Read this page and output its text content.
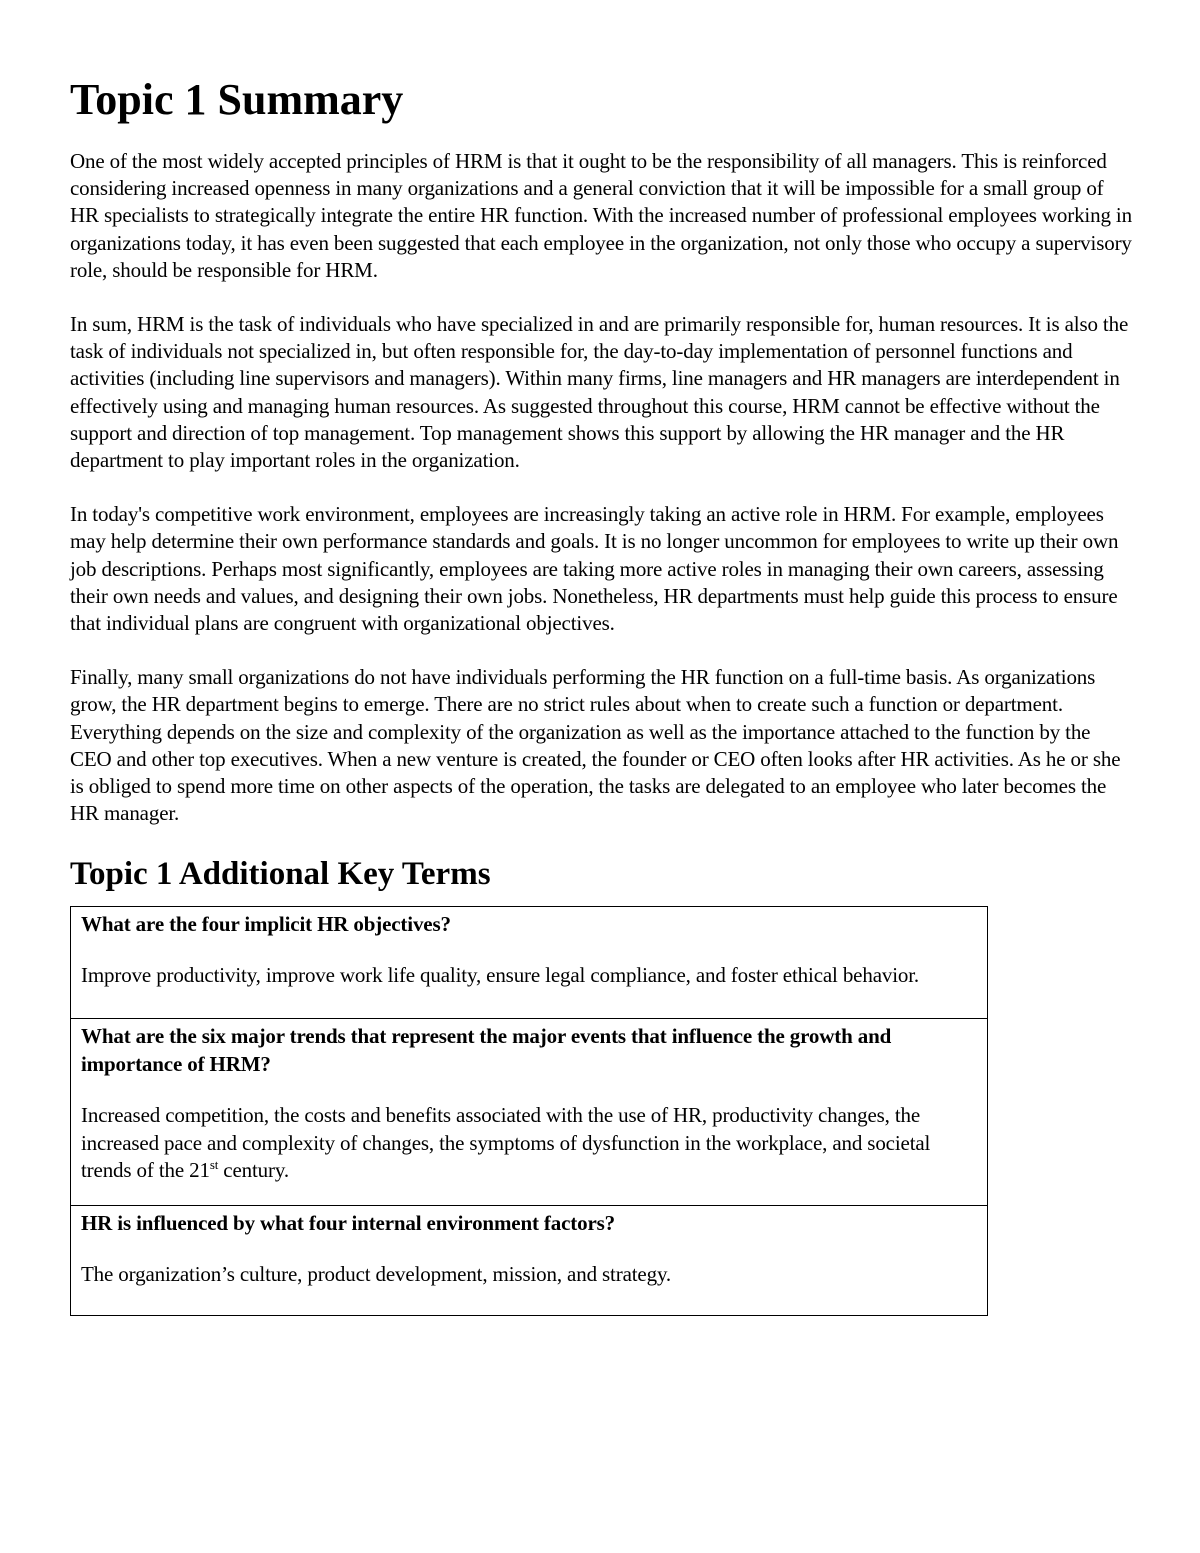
Topic 1 Summary

One of the most widely accepted principles of HRM is that it ought to be the responsibility of all managers. This is reinforced considering increased openness in many organizations and a general conviction that it will be impossible for a small group of HR specialists to strategically integrate the entire HR function. With the increased number of professional employees working in organizations today, it has even been suggested that each employee in the organization, not only those who occupy a supervisory role, should be responsible for HRM.

In sum, HRM is the task of individuals who have specialized in and are primarily responsible for, human resources. It is also the task of individuals not specialized in, but often responsible for, the day-to-day implementation of personnel functions and activities (including line supervisors and managers). Within many firms, line managers and HR managers are interdependent in effectively using and managing human resources. As suggested throughout this course, HRM cannot be effective without the support and direction of top management. Top management shows this support by allowing the HR manager and the HR department to play important roles in the organization.

In today's competitive work environment, employees are increasingly taking an active role in HRM. For example, employees may help determine their own performance standards and goals. It is no longer uncommon for employees to write up their own job descriptions. Perhaps most significantly, employees are taking more active roles in managing their own careers, assessing their own needs and values, and designing their own jobs. Nonetheless, HR departments must help guide this process to ensure that individual plans are congruent with organizational objectives.

Finally, many small organizations do not have individuals performing the HR function on a full-time basis. As organizations grow, the HR department begins to emerge. There are no strict rules about when to create such a function or department. Everything depends on the size and complexity of the organization as well as the importance attached to the function by the CEO and other top executives. When a new venture is created, the founder or CEO often looks after HR activities. As he or she is obliged to spend more time on other aspects of the operation, the tasks are delegated to an employee who later becomes the HR manager.

Topic 1 Additional Key Terms
What are the four implicit HR objectives?
Improve productivity, improve work life quality, ensure legal compliance, and foster ethical behavior.
What are the six major trends that represent the major events that influence the growth and importance of HRM?
Increased competition, the costs and benefits associated with the use of HR, productivity changes, the increased pace and complexity of changes, the symptoms of dysfunction in the workplace, and societal trends of the 21st century.
HR is influenced by what four internal environment factors?
The organization’s culture, product development, mission, and strategy.
